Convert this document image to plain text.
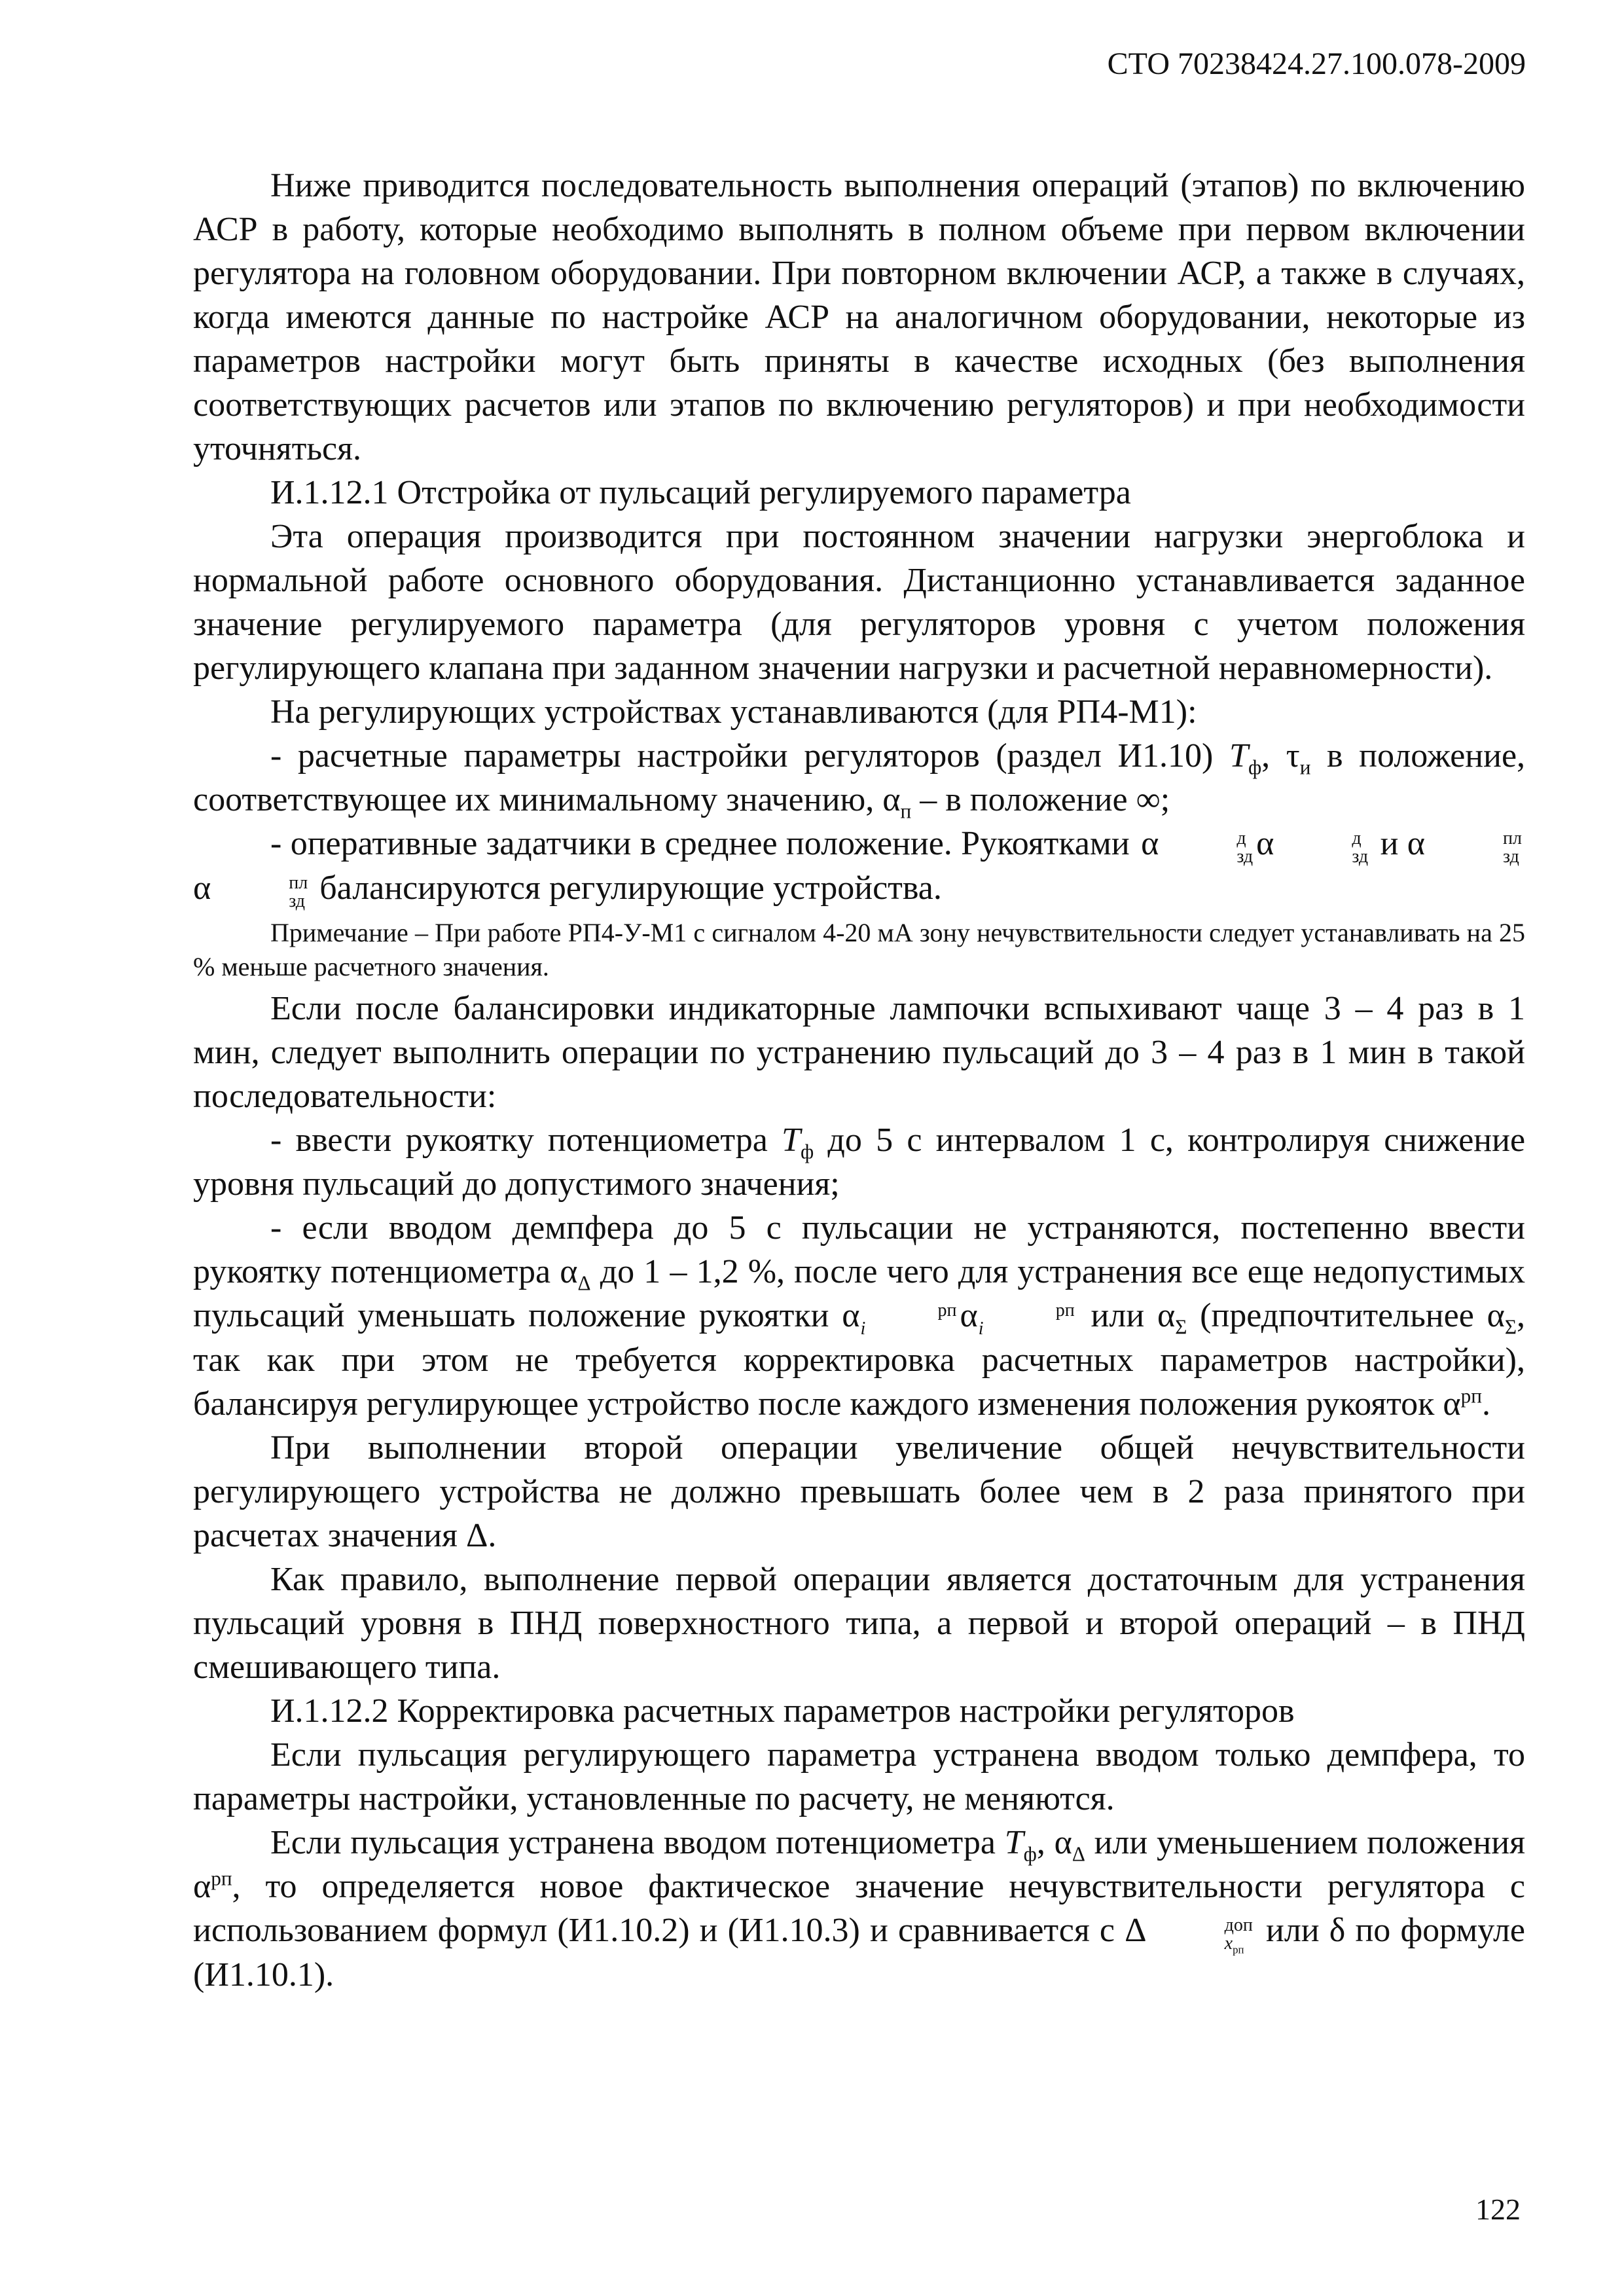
СТО 70238424.27.100.078-2009

Ниже приводится последовательность выполнения операций (этапов) по включению АСР в работу, которые необходимо выполнять в полном объеме при первом включении регулятора на головном оборудовании. При повторном включении АСР, а также в случаях, когда имеются данные по настройке АСР на аналогичном оборудовании, некоторые из параметров настройки могут быть приняты в качестве исходных (без выполнения соответствующих расчетов или этапов по включению регуляторов) и при необходимости уточняться.

И.1.12.1 Отстройка от пульсаций регулируемого параметра

Эта операция производится при постоянном значении нагрузки энергоблока и нормальной работе основного оборудования. Дистанционно устанавливается заданное значение регулируемого параметра (для регуляторов уровня с учетом положения регулирующего клапана при заданном значении нагрузки и расчетной неравномерности).

На регулирующих устройствах устанавливаются (для РП4-М1):

- расчетные параметры настройки регуляторов (раздел И1.10) $T_ф$, $\tau_и$ в положение, соответствующее их минимальному значению, $\alpha_п$ – в положение ∞;

- оперативные задатчики в среднее положение. Рукоятками α	д
зд α	д
зд и α	пл
зд
α	пл
зд балансируются регулирующие устройства.

Примечание – При работе РП4-У-М1 с сигналом 4-20 мА зону нечувствительности следует устанавливать на 25 % меньше расчетного значения.

Если после балансировки индикаторные лампочки вспыхивают чаще 3 – 4 раз в 1 мин, следует выполнить операции по устранению пульсаций до 3 – 4 раз в 1 мин в такой последовательности:

- ввести рукоятку потенциометра $T_ф$ до 5 с интервалом 1 с, контролируя снижение уровня пульсаций до допустимого значения;

- если вводом демпфера до 5 с пульсации не устраняются, постепенно ввести рукоятку потенциометра $\alpha_\Delta$ до 1 – 1,2 %, после чего для устранения все еще недопустимых пульсаций уменьшать положение рукоятки α	рп
i	α	рп
i	или $\alpha_\Sigma$ (предпочтительнее $\alpha_\Sigma$, так как при этом не требуется корректировка расчетных параметров настройки), балансируя регулирующее устройство после каждого изменения положения рукояток $\alpha^{рп}$.

При выполнении второй операции увеличение общей нечувствительности регулирующего устройства не должно превышать более чем в 2 раза принятого при расчетах значения Δ.

Как правило, выполнение первой операции является достаточным для устранения пульсаций уровня в ПНД поверхностного типа, а первой и второй операций – в ПНД смешивающего типа.

И.1.12.2 Корректировка расчетных параметров настройки регуляторов

Если пульсация регулирующего параметра устранена вводом только демпфера, то параметры настройки, установленные по расчету, не меняются.

Если пульсация устранена вводом потенциометра $T_ф$, $\alpha_\Delta$ или уменьшением положения $\alpha^{рп}$, то определяется новое фактическое значение нечувствительности регулятора с использованием формул (И1.10.2) и (И1.10.3) и сравнивается с Δ	доп
$x_{рп}$
или δ по формуле (И1.10.1).

122
